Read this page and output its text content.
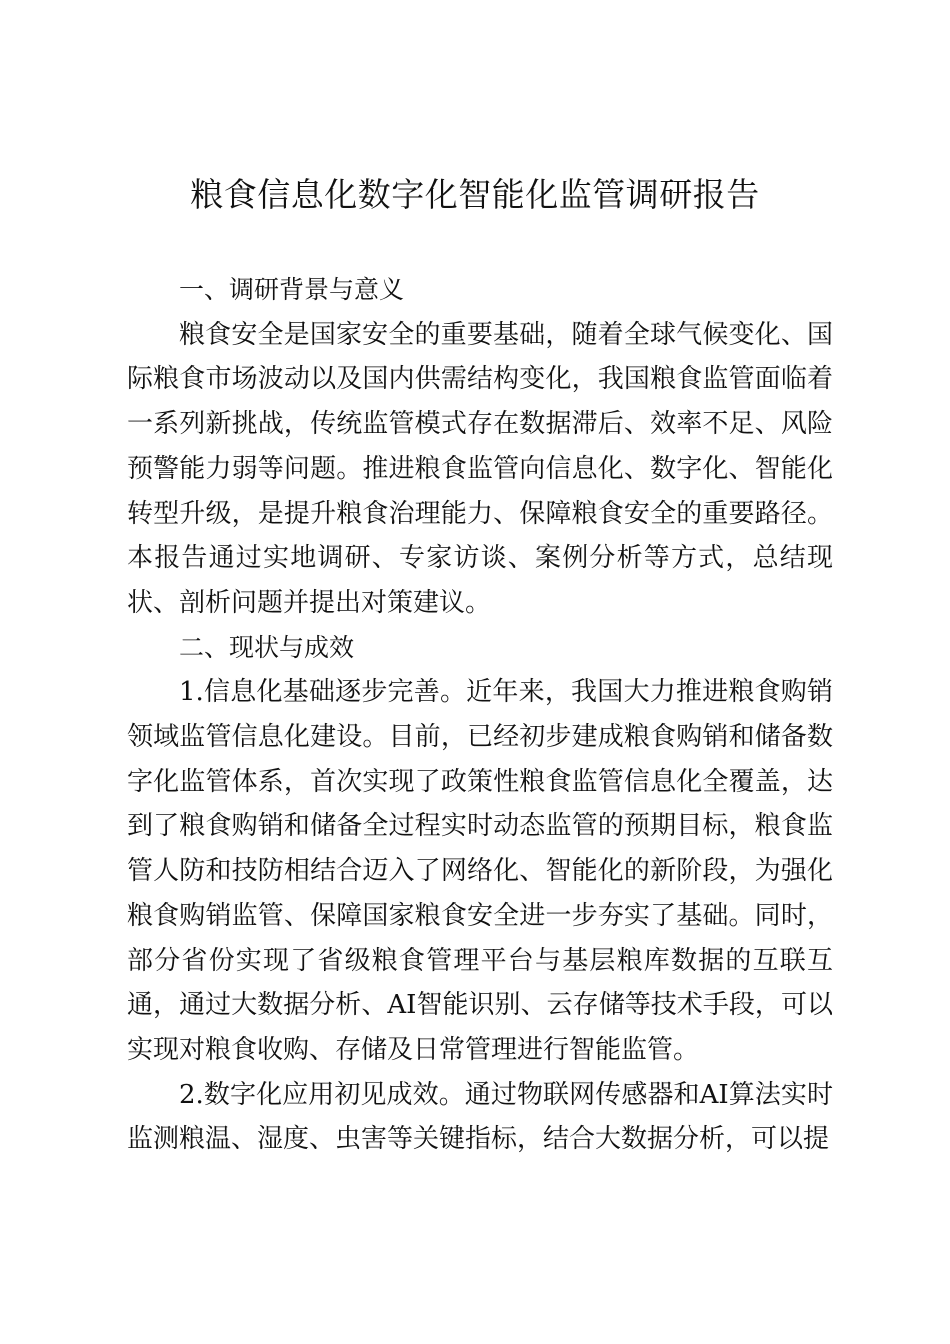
粮食信息化数字化智能化监管调研报告

一、调研背景与意义

粮食安全是国家安全的重要基础，随着全球气候变化、国际粮食市场波动以及国内供需结构变化，我国粮食监管面临着一系列新挑战，传统监管模式存在数据滞后、效率不足、风险预警能力弱等问题。推进粮食监管向信息化、数字化、智能化转型升级，是提升粮食治理能力、保障粮食安全的重要路径。本报告通过实地调研、专家访谈、案例分析等方式，总结现状、剖析问题并提出对策建议。

二、现状与成效

1.信息化基础逐步完善。近年来，我国大力推进粮食购销领域监管信息化建设。目前，已经初步建成粮食购销和储备数字化监管体系，首次实现了政策性粮食监管信息化全覆盖，达到了粮食购销和储备全过程实时动态监管的预期目标，粮食监管人防和技防相结合迈入了网络化、智能化的新阶段，为强化粮食购销监管、保障国家粮食安全进一步夯实了基础。同时，部分省份实现了省级粮食管理平台与基层粮库数据的互联互通，通过大数据分析、AI智能识别、云存储等技术手段，可以实现对粮食收购、存储及日常管理进行智能监管。

2.数字化应用初见成效。通过物联网传感器和AI算法实时监测粮温、湿度、虫害等关键指标，结合大数据分析，可以提
